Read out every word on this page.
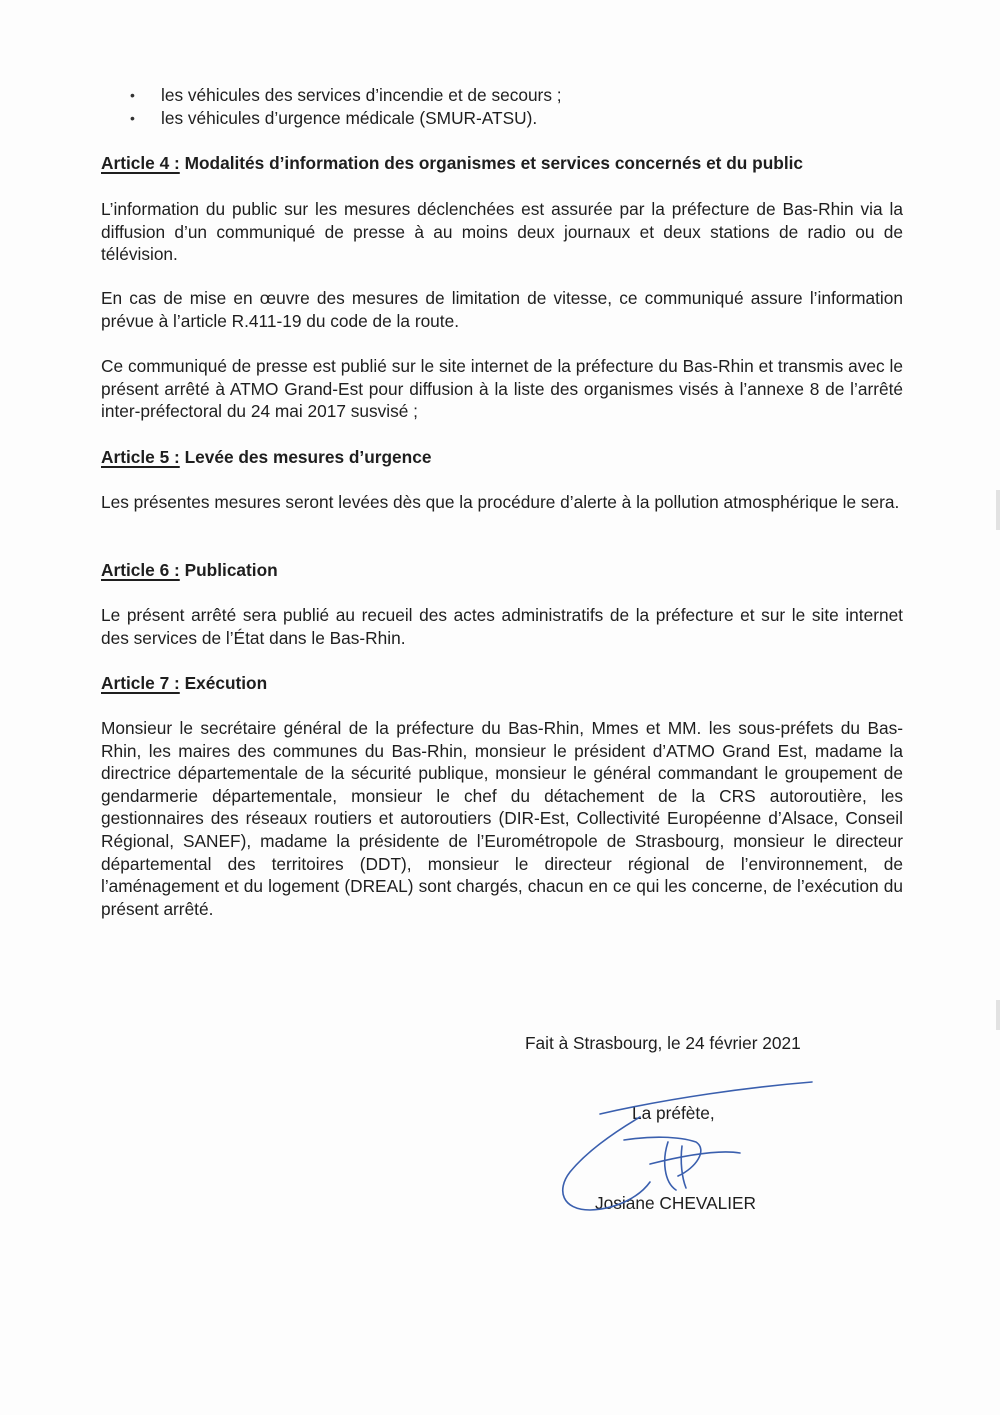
• les véhicules des services d’incendie et de secours ;
• les véhicules d’urgence médicale (SMUR-ATSU).
Article 4 : Modalités d’information des organismes et services concernés et du public

L’information du public sur les mesures déclenchées est assurée par la préfecture de Bas-Rhin via la diffusion d’un communiqué de presse à au moins deux journaux et deux stations de radio ou de télévision.

En cas de mise en œuvre des mesures de limitation de vitesse, ce communiqué assure l’information prévue à l’article R.411-19 du code de la route.

Ce communiqué de presse est publié sur le site internet de la préfecture du Bas-Rhin et transmis avec le présent arrêté à ATMO Grand-Est pour diffusion à la liste des organismes visés à l’annexe 8 de l’arrêté inter-préfectoral du 24 mai 2017 susvisé ;

Article 5 : Levée des mesures d’urgence

Les présentes mesures seront levées dès que la procédure d’alerte à la pollution atmosphérique le sera.

Article 6 : Publication

Le présent arrêté sera publié au recueil des actes administratifs de la préfecture et sur le site internet des services de l’État dans le Bas-Rhin.

Article 7 : Exécution

Monsieur le secrétaire général de la préfecture du Bas-Rhin, Mmes et MM. les sous-préfets du Bas-Rhin, les maires des communes du Bas-Rhin, monsieur le président d’ATMO Grand Est, madame la directrice départementale de la sécurité publique, monsieur le général commandant le groupement de gendarmerie départementale, monsieur le chef du détachement de la CRS autoroutière, les gestionnaires des réseaux routiers et autoroutiers (DIR-Est, Collectivité Européenne d’Alsace, Conseil Régional, SANEF), madame la présidente de l’Eurométropole de Strasbourg, monsieur le directeur départemental des territoires (DDT), monsieur le directeur régional de l’environnement, de l’aménagement et du logement (DREAL) sont chargés, chacun en ce qui les concerne, de l’exécution du présent arrêté.

Fait à Strasbourg, le 24 février 2021
La préfète,
Josiane CHEVALIER
